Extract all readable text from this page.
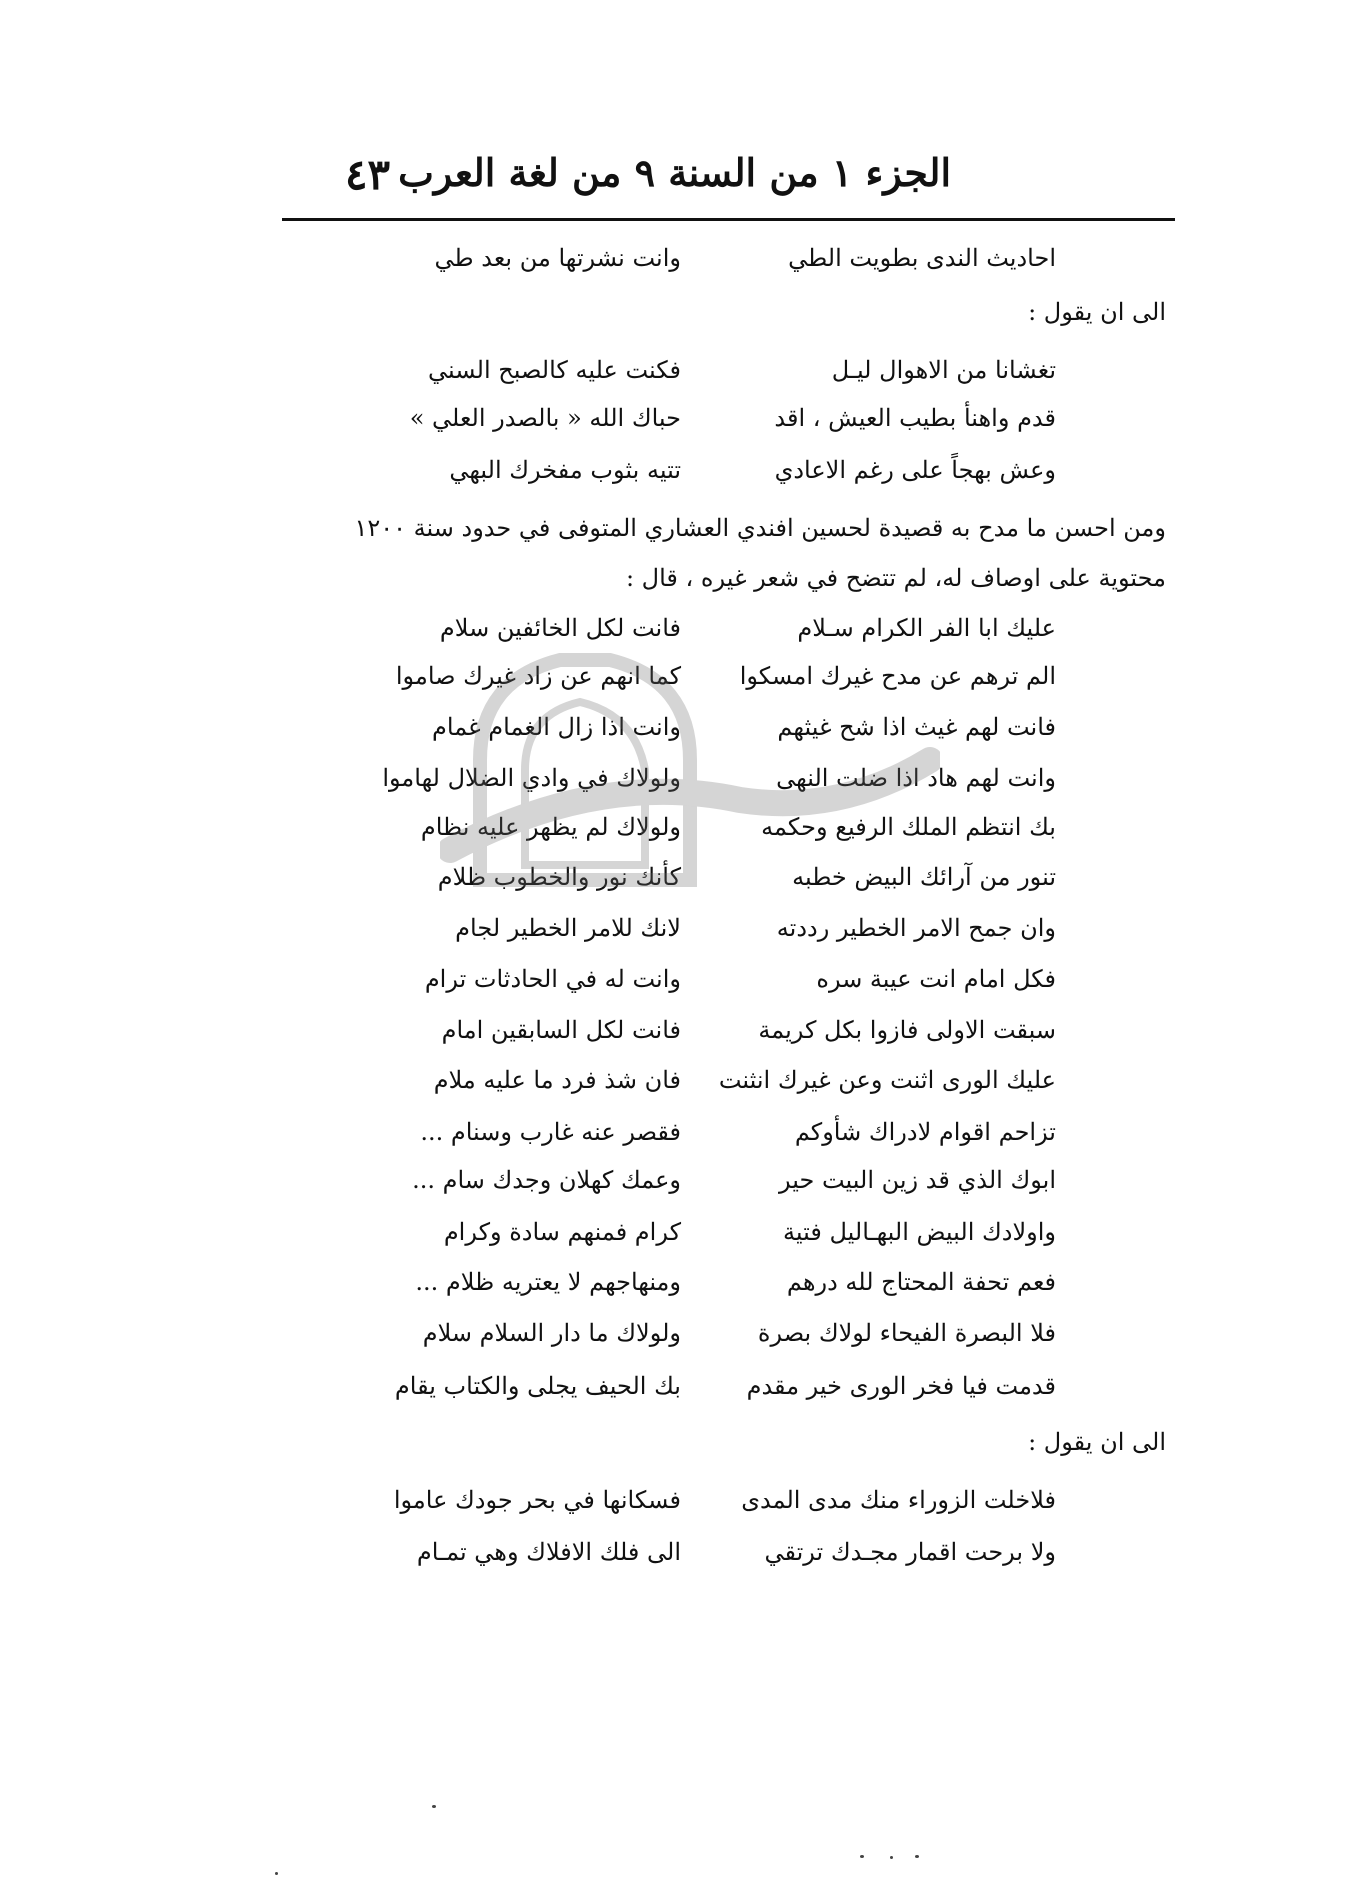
٤٣ الجزء ١ من السنة ٩ من لغة العرب
احاديث الندى بطويت الطي
وانت نشرتها من بعد طي
الى ان يقول :
تغشانا من الاهوال ليـل
فكنت عليه كالصبح السني
قدم واهنأ بطيب العيش ، اقد
حباك الله « بالصدر العلي »
وعش بهجاً على رغم الاعادي
تتيه بثوب مفخرك البهي
ومن احسن ما مدح به قصيدة لحسين افندي العشاري المتوفى في حدود سنة ١٢٠٠
محتوية على اوصاف له، لم تتضح في شعر غيره ، قال :
عليك ابا الفر الكرام سـلام
فانت لكل الخائفين سلام
الم ترهم عن مدح غيرك امسكوا
كما انهم عن زاد غيرك صاموا
فانت لهم غيث اذا شح غيثهم
وانت اذا زال الغمام غمام
وانت لهم هاد اذا ضلت النهى
ولولاك في وادي الضلال لهاموا
بك انتظم الملك الرفيع وحكمه
ولولاك لم يظهر عليه نظام
تنور من آرائك البيض خطبه
كأنك نور والخطوب ظلام
وان جمح الامر الخطير رددته
لانك للامر الخطير لجام
فكل امام انت عيبة سره
وانت له في الحادثات ترام
سبقت الاولى فازوا بكل كريمة
فانت لكل السابقين امام
عليك الورى اثنت وعن غيرك انثنت
فان شذ فرد ما عليه ملام
تزاحم اقوام لادراك شأوكم
فقصر عنه غارب وسنام ...
ابوك الذي قد زين البيت حير
وعمك كهلان وجدك سام ...
واولادك البيض البهـاليل فتية
كرام فمنهم سادة وكرام
فعم تحفة المحتاج لله درهم
ومنهاجهم لا يعتريه ظلام ...
فلا البصرة الفيحاء لولاك بصرة
ولولاك ما دار السلام سلام
قدمت فيا فخر الورى خير مقدم
بك الحيف يجلى والكتاب يقام
الى ان يقول :
فلاخلت الزوراء منك مدى المدى
فسكانها في بحر جودك عاموا
ولا برحت اقمار مجـدك ترتقي
الى فلك الافلاك وهي تمـام
